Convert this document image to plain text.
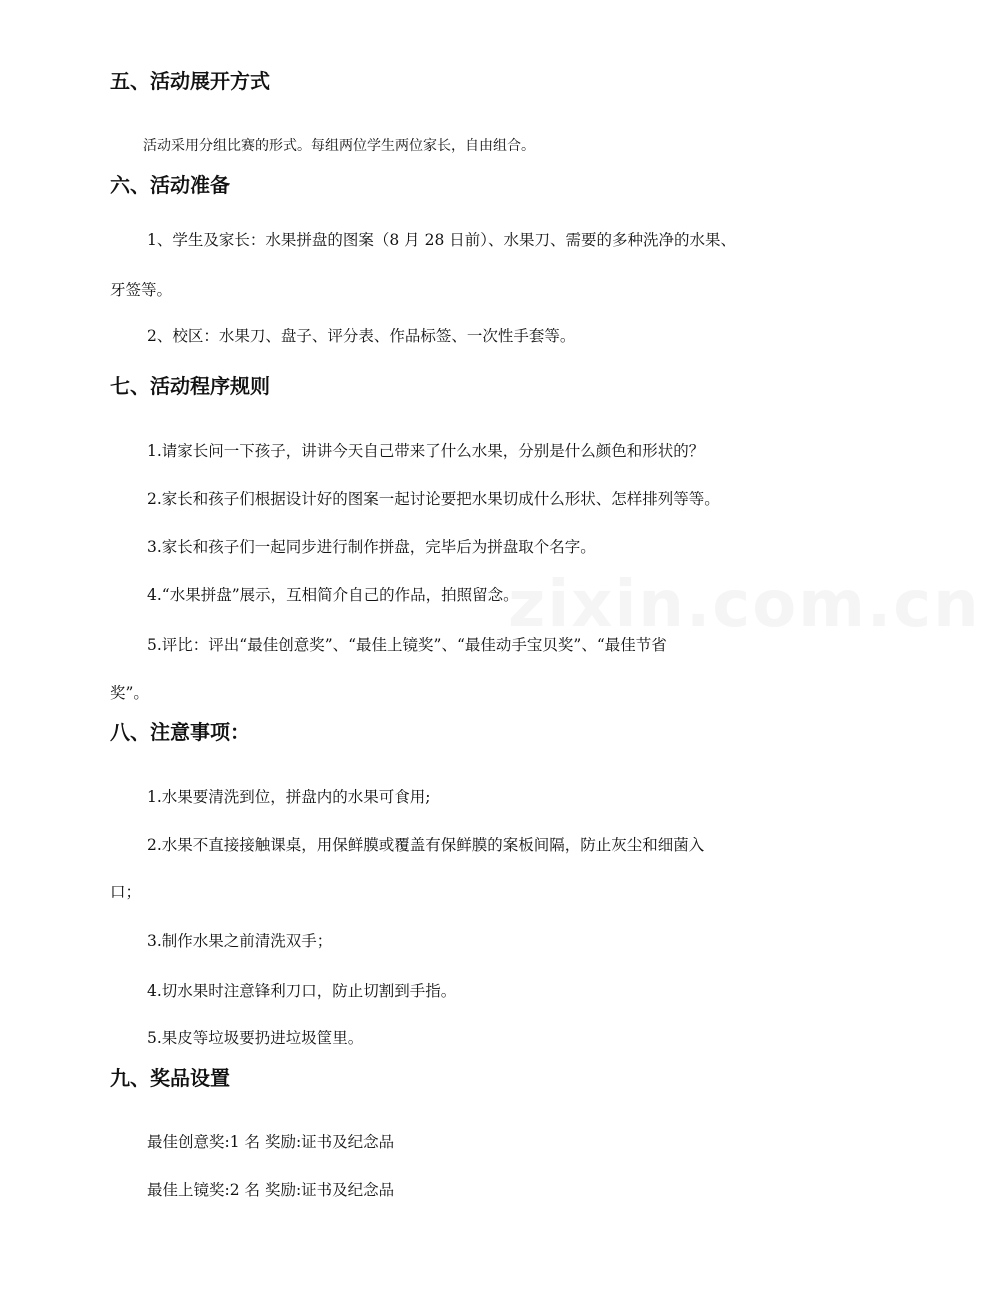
五、活动展开方式

活动采用分组比赛的形式。每组两位学生两位家长，自由组合。

六、活动准备

1、学生及家长：水果拼盘的图案（8 月 28 日前）、水果刀、需要的多种洗净的水果、

牙签等。

2、校区：水果刀、盘子、评分表、作品标签、一次性手套等。

七、活动程序规则

1.请家长问一下孩子，讲讲今天自己带来了什么水果，分别是什么颜色和形状的？

2.家长和孩子们根据设计好的图案一起讨论要把水果切成什么形状、怎样排列等等。

3.家长和孩子们一起同步进行制作拼盘，完毕后为拼盘取个名字。

4.“水果拼盘”展示，互相简介自己的作品，拍照留念。

5.评比：评出“最佳创意奖”、“最佳上镜奖”、“最佳动手宝贝奖”、“最佳节省

奖”。

八、注意事项：

1.水果要清洗到位，拼盘内的水果可食用;

2.水果不直接接触课桌，用保鲜膜或覆盖有保鲜膜的案板间隔，防止灰尘和细菌入

口；

3.制作水果之前清洗双手；

4.切水果时注意锋利刀口，防止切割到手指。

5.果皮等垃圾要扔进垃圾筐里。

九、奖品设置

最佳创意奖:1 名 奖励:证书及纪念品

最佳上镜奖:2 名 奖励:证书及纪念品

zixin.com.cn
